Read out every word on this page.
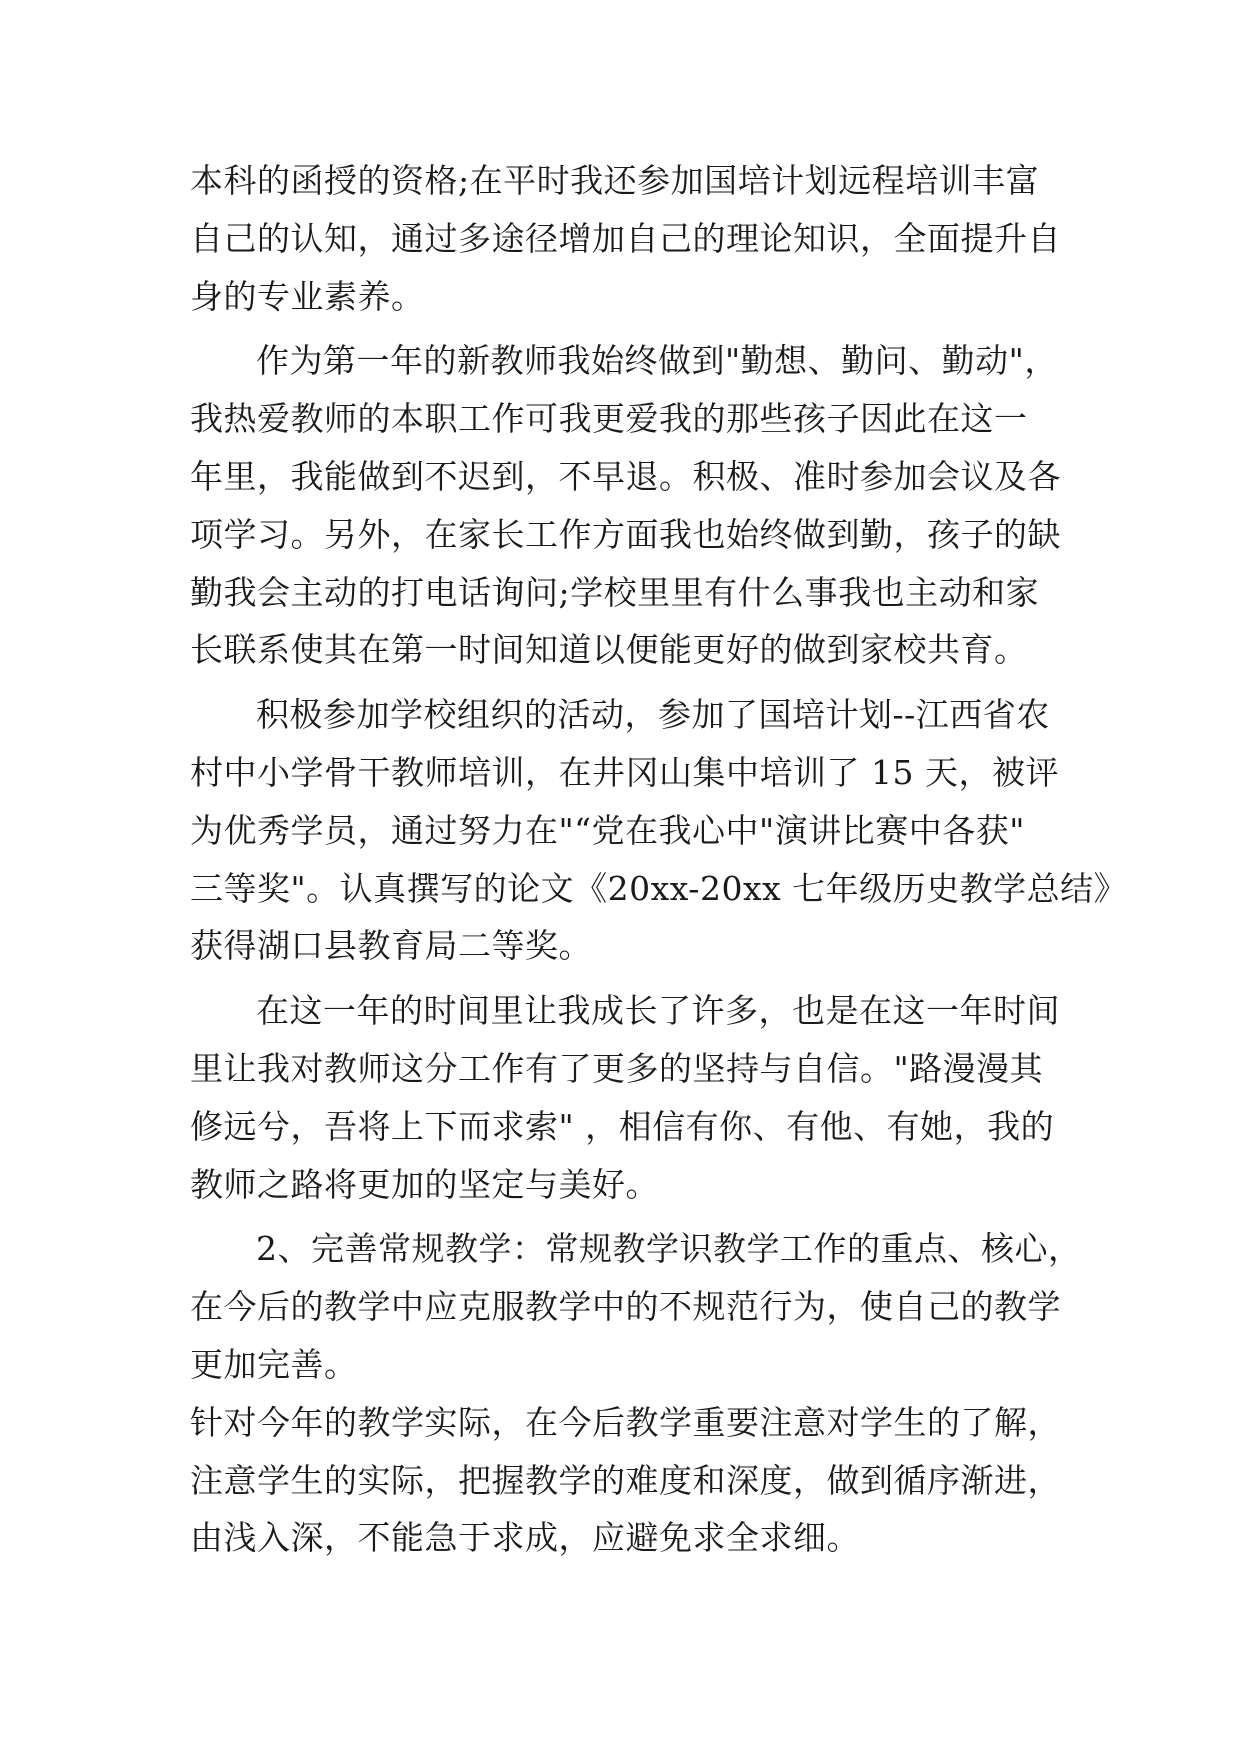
本科的函授的资格;在平时我还参加国培计划远程培训丰富
自己的认知，通过多途径增加自己的理论知识，全面提升自
身的专业素养。
作为第一年的新教师我始终做到"勤想、勤问、勤动"，
我热爱教师的本职工作可我更爱我的那些孩子因此在这一
年里，我能做到不迟到，不早退。积极、准时参加会议及各
项学习。另外，在家长工作方面我也始终做到勤，孩子的缺
勤我会主动的打电话询问;学校里里有什么事我也主动和家
长联系使其在第一时间知道以便能更好的做到家校共育。
积极参加学校组织的活动，参加了国培计划--江西省农
村中小学骨干教师培训，在井冈山集中培训了 15 天，被评
为优秀学员，通过努力在"“党在我心中"演讲比赛中各获"
三等奖"。认真撰写的论文《20xx-20xx 七年级历史教学总结》
获得湖口县教育局二等奖。
在这一年的时间里让我成长了许多，也是在这一年时间
里让我对教师这分工作有了更多的坚持与自信。"路漫漫其
修远兮，吾将上下而求索" ，相信有你、有他、有她，我的
教师之路将更加的坚定与美好。
2、完善常规教学：常规教学识教学工作的重点、核心，
在今后的教学中应克服教学中的不规范行为，使自己的教学
更加完善。
针对今年的教学实际，在今后教学重要注意对学生的了解，
注意学生的实际，把握教学的难度和深度，做到循序渐进，
由浅入深，不能急于求成，应避免求全求细。
